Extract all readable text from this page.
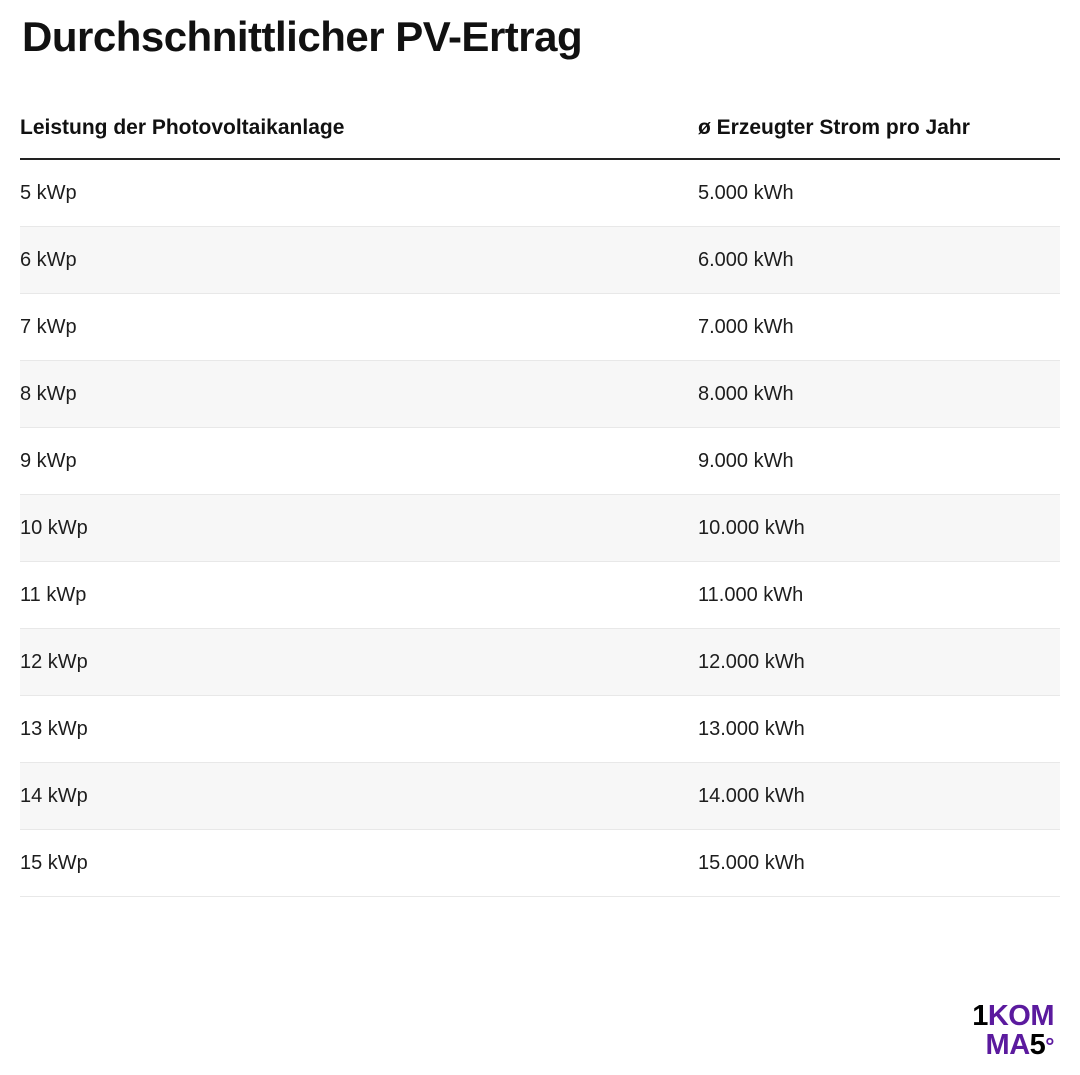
Durchschnittlicher PV-Ertrag
Leistung der Photovoltaikanlage	ø Erzeugter Strom pro Jahr
5 kWp	5.000 kWh
6 kWp	6.000 kWh
7 kWp	7.000 kWh
8 kWp	8.000 kWh
9 kWp	9.000 kWh
10 kWp	10.000 kWh
11 kWp	11.000 kWh
12 kWp	12.000 kWh
13 kWp	13.000 kWh
14 kWp	14.000 kWh
15 kWp	15.000 kWh
1KOM
MA5°
